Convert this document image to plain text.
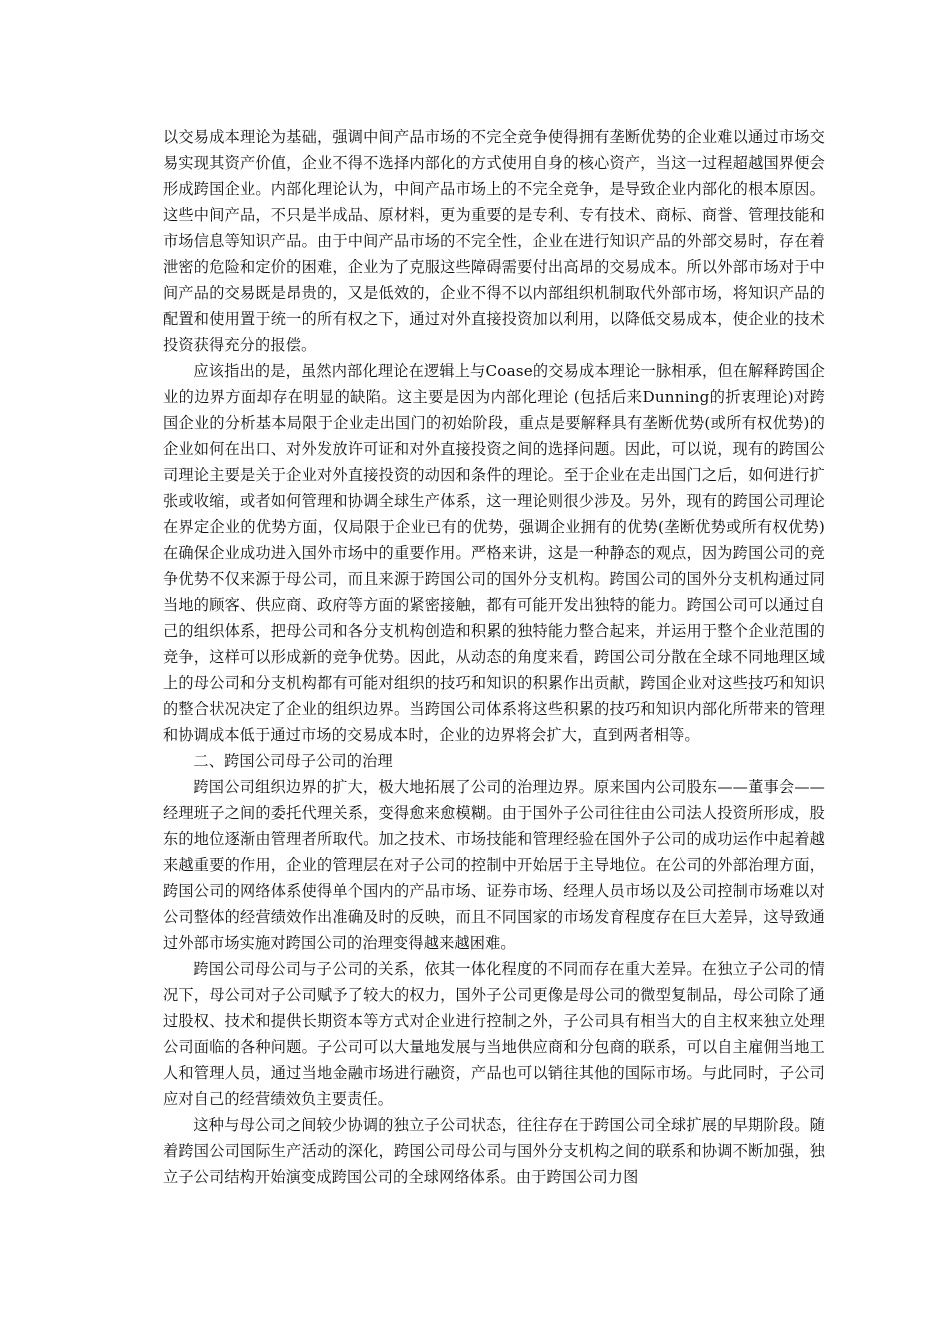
以交易成本理论为基础，强调中间产品市场的不完全竞争使得拥有垄断优势的企业难以通过市场交易实现其资产价值，企业不得不选择内部化的方式使用自身的核心资产，当这一过程超越国界便会形成跨国企业。内部化理论认为，中间产品市场上的不完全竞争，是导致企业内部化的根本原因。这些中间产品，不只是半成品、原材料，更为重要的是专利、专有技术、商标、商誉、管理技能和市场信息等知识产品。由于中间产品市场的不完全性，企业在进行知识产品的外部交易时，存在着泄密的危险和定价的困难，企业为了克服这些障碍需要付出高昂的交易成本。所以外部市场对于中间产品的交易既是昂贵的，又是低效的，企业不得不以内部组织机制取代外部市场，将知识产品的配置和使用置于统一的所有权之下，通过对外直接投资加以利用，以降低交易成本，使企业的技术投资获得充分的报偿。

应该指出的是，虽然内部化理论在逻辑上与Coase的交易成本理论一脉相承，但在解释跨国企业的边界方面却存在明显的缺陷。这主要是因为内部化理论 (包括后来Dunning的折衷理论)对跨国企业的分析基本局限于企业走出国门的初始阶段，重点是要解释具有垄断优势(或所有权优势)的企业如何在出口、对外发放许可证和对外直接投资之间的选择问题。因此，可以说，现有的跨国公司理论主要是关于企业对外直接投资的动因和条件的理论。至于企业在走出国门之后，如何进行扩张或收缩，或者如何管理和协调全球生产体系，这一理论则很少涉及。另外，现有的跨国公司理论在界定企业的优势方面，仅局限于企业已有的优势，强调企业拥有的优势(垄断优势或所有权优势)在确保企业成功进入国外市场中的重要作用。严格来讲，这是一种静态的观点，因为跨国公司的竞争优势不仅来源于母公司，而且来源于跨国公司的国外分支机构。跨国公司的国外分支机构通过同当地的顾客、供应商、政府等方面的紧密接触，都有可能开发出独特的能力。跨国公司可以通过自己的组织体系，把母公司和各分支机构创造和积累的独特能力整合起来，并运用于整个企业范围的竞争，这样可以形成新的竞争优势。因此，从动态的角度来看，跨国公司分散在全球不同地理区域上的母公司和分支机构都有可能对组织的技巧和知识的积累作出贡献，跨国企业对这些技巧和知识的整合状况决定了企业的组织边界。当跨国公司体系将这些积累的技巧和知识内部化所带来的管理和协调成本低于通过市场的交易成本时，企业的边界将会扩大，直到两者相等。

二、跨国公司母子公司的治理

跨国公司组织边界的扩大，极大地拓展了公司的治理边界。原来国内公司股东——董事会——经理班子之间的委托代理关系，变得愈来愈模糊。由于国外子公司往往由公司法人投资所形成，股东的地位逐渐由管理者所取代。加之技术、市场技能和管理经验在国外子公司的成功运作中起着越来越重要的作用，企业的管理层在对子公司的控制中开始居于主导地位。在公司的外部治理方面，跨国公司的网络体系使得单个国内的产品市场、证券市场、经理人员市场以及公司控制市场难以对公司整体的经营绩效作出准确及时的反映，而且不同国家的市场发育程度存在巨大差异，这导致通过外部市场实施对跨国公司的治理变得越来越困难。

跨国公司母公司与子公司的关系，依其一体化程度的不同而存在重大差异。在独立子公司的情况下，母公司对子公司赋予了较大的权力，国外子公司更像是母公司的微型复制品，母公司除了通过股权、技术和提供长期资本等方式对企业进行控制之外，子公司具有相当大的自主权来独立处理公司面临的各种问题。子公司可以大量地发展与当地供应商和分包商的联系，可以自主雇佣当地工人和管理人员，通过当地金融市场进行融资，产品也可以销往其他的国际市场。与此同时，子公司应对自己的经营绩效负主要责任。

这种与母公司之间较少协调的独立子公司状态，往往存在于跨国公司全球扩展的早期阶段。随着跨国公司国际生产活动的深化，跨国公司母公司与国外分支机构之间的联系和协调不断加强，独立子公司结构开始演变成跨国公司的全球网络体系。由于跨国公司力图
